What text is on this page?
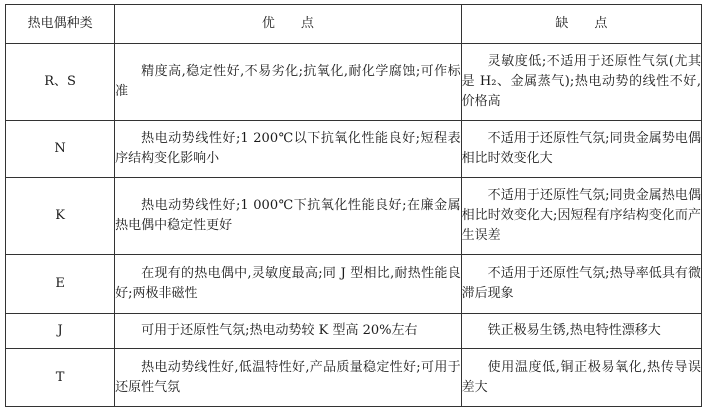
热电偶种类	优　　点	缺　　点
R、S	精度高,稳定性好,不易劣化;抗氧化,耐化学腐蚀;可作标准	灵敏度低;不适用于还原性气氛(尤其是 H₂、金属蒸气);热电动势的线性不好,价格高

N	热电动势线性好;1 200℃以下抗氧化性能良好;短程表序结构变化影响小	不适用于还原性气氛;同贵金属势电偶相比时效变化大

K	热电动势线性好;1 000℃下抗氧化性能良好;在廉金属热电偶中稳定性更好	不适用于还原性气氛;同贵金属热电偶相比时效变化大;因短程有序结构变化而产生误差

E	在现有的热电偶中,灵敏度最高;同 J 型相比,耐热性能良好;两极非磁性	不适用于还原性气氛;热导率低具有微滞后现象

J	可用于还原性气氛;热电动势较 K 型高 20%左右	铁正极易生锈,热电特性漂移大

T	热电动势线性好,低温特性好,产品质量稳定性好;可用于还原性气氛	使用温度低,铜正极易氧化,热传导误差大
